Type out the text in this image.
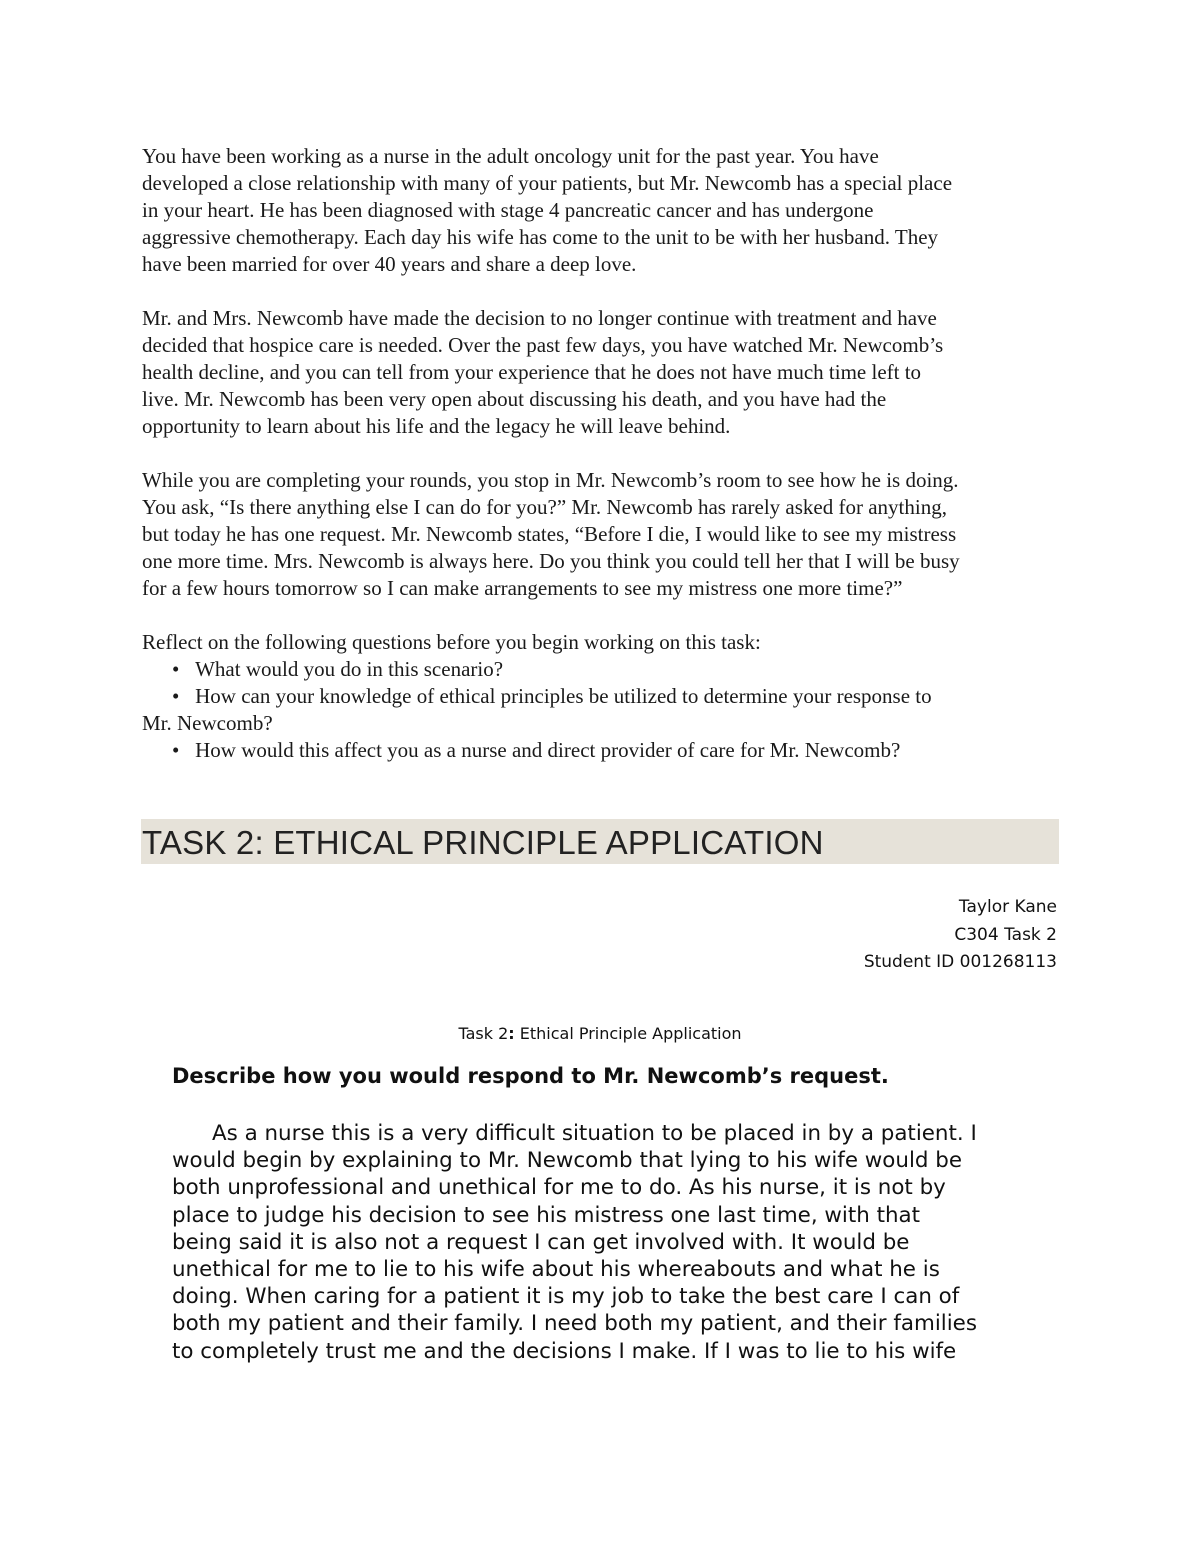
You have been working as a nurse in the adult oncology unit for the past year. You have
developed a close relationship with many of your patients, but Mr. Newcomb has a special place
in your heart. He has been diagnosed with stage 4 pancreatic cancer and has undergone
aggressive chemotherapy. Each day his wife has come to the unit to be with her husband. They
have been married for over 40 years and share a deep love.

Mr. and Mrs. Newcomb have made the decision to no longer continue with treatment and have
decided that hospice care is needed. Over the past few days, you have watched Mr. Newcomb’s
health decline, and you can tell from your experience that he does not have much time left to
live. Mr. Newcomb has been very open about discussing his death, and you have had the
opportunity to learn about his life and the legacy he will leave behind.

While you are completing your rounds, you stop in Mr. Newcomb’s room to see how he is doing.
You ask, “Is there anything else I can do for you?” Mr. Newcomb has rarely asked for anything,
but today he has one request. Mr. Newcomb states, “Before I die, I would like to see my mistress
one more time. Mrs. Newcomb is always here. Do you think you could tell her that I will be busy
for a few hours tomorrow so I can make arrangements to see my mistress one more time?”

Reflect on the following questions before you begin working on this task:
• What would you do in this scenario?
• How can your knowledge of ethical principles be utilized to determine your response to
Mr. Newcomb?
• How would this affect you as a nurse and direct provider of care for Mr. Newcomb?
TASK 2: ETHICAL PRINCIPLE APPLICATION
Taylor Kane
C304 Task 2
Student ID 001268113
Task 2: Ethical Principle Application
Describe how you would respond to Mr. Newcomb’s request.
As a nurse this is a very difficult situation to be placed in by a patient. I
would begin by explaining to Mr. Newcomb that lying to his wife would be
both unprofessional and unethical for me to do. As his nurse, it is not by
place to judge his decision to see his mistress one last time, with that
being said it is also not a request I can get involved with. It would be
unethical for me to lie to his wife about his whereabouts and what he is
doing. When caring for a patient it is my job to take the best care I can of
both my patient and their family. I need both my patient, and their families
to completely trust me and the decisions I make. If I was to lie to his wife
